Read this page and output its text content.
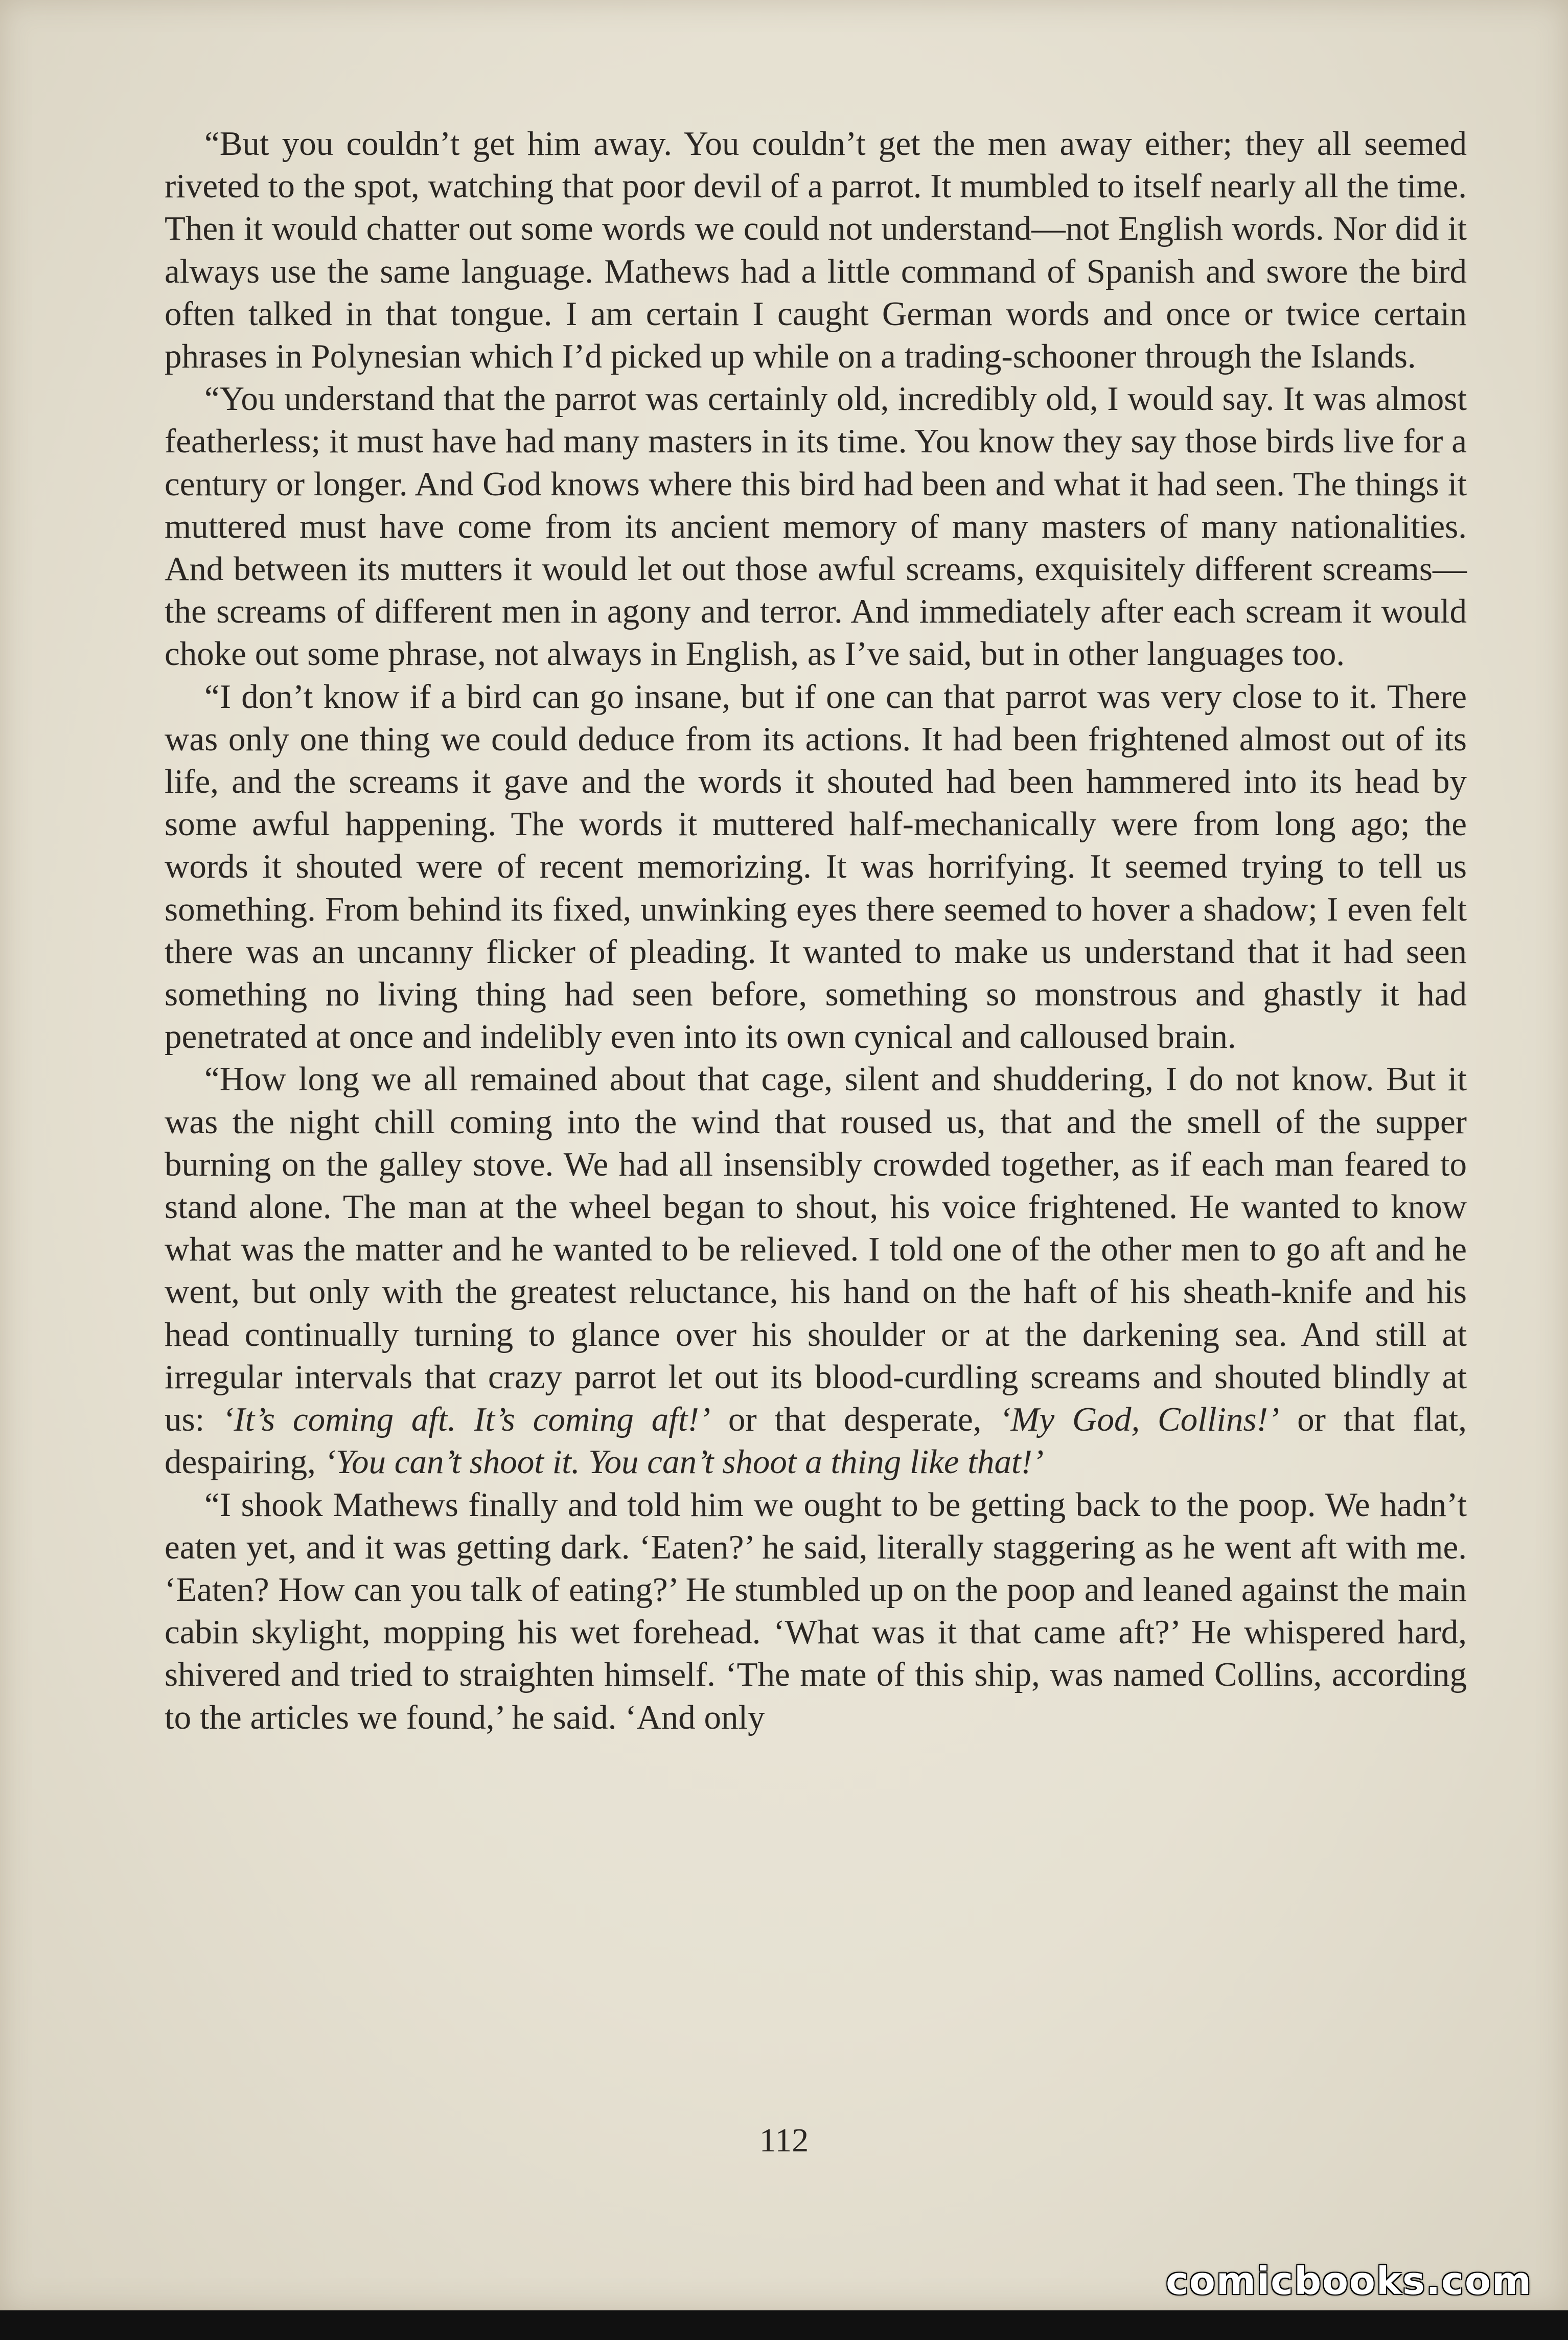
“But you couldn’t get him away. You couldn’t get the men away either; they all seemed riveted to the spot, watching that poor devil of a parrot. It mumbled to itself nearly all the time. Then it would chatter out some words we could not understand—not English words. Nor did it always use the same language. Mathews had a little command of Spanish and swore the bird often talked in that tongue. I am certain I caught German words and once or twice certain phrases in Polynesian which I’d picked up while on a trading-schooner through the Islands.

“You understand that the parrot was certainly old, incredibly old, I would say. It was almost featherless; it must have had many masters in its time. You know they say those birds live for a century or longer. And God knows where this bird had been and what it had seen. The things it muttered must have come from its ancient memory of many masters of many nationalities. And between its mutters it would let out those awful screams, exquisitely different screams—the screams of different men in agony and terror. And immediately after each scream it would choke out some phrase, not always in English, as I’ve said, but in other languages too.

“I don’t know if a bird can go insane, but if one can that parrot was very close to it. There was only one thing we could deduce from its actions. It had been frightened almost out of its life, and the screams it gave and the words it shouted had been hammered into its head by some awful happening. The words it muttered half-mechanically were from long ago; the words it shouted were of recent memorizing. It was horrifying. It seemed trying to tell us something. From behind its fixed, unwinking eyes there seemed to hover a shadow; I even felt there was an uncanny flicker of pleading. It wanted to make us understand that it had seen something no living thing had seen before, something so monstrous and ghastly it had penetrated at once and indelibly even into its own cynical and calloused brain.

“How long we all remained about that cage, silent and shuddering, I do not know. But it was the night chill coming into the wind that roused us, that and the smell of the supper burning on the galley stove. We had all insensibly crowded together, as if each man feared to stand alone. The man at the wheel began to shout, his voice frightened. He wanted to know what was the matter and he wanted to be relieved. I told one of the other men to go aft and he went, but only with the greatest reluctance, his hand on the haft of his sheath-knife and his head continually turning to glance over his shoulder or at the darkening sea. And still at irregular intervals that crazy parrot let out its blood-curdling screams and shouted blindly at us: ‘It’s coming aft. It’s coming aft!’ or that desperate, ‘My God, Collins!’ or that flat, despairing, ‘You can’t shoot it. You can’t shoot a thing like that!’

“I shook Mathews finally and told him we ought to be getting back to the poop. We hadn’t eaten yet, and it was getting dark. ‘Eaten?’ he said, literally staggering as he went aft with me. ‘Eaten? How can you talk of eating?’ He stumbled up on the poop and leaned against the main cabin skylight, mopping his wet forehead. ‘What was it that came aft?’ He whispered hard, shivered and tried to straighten himself. ‘The mate of this ship, was named Collins, according to the articles we found,’ he said. ‘And only

112
comicbooks.com
